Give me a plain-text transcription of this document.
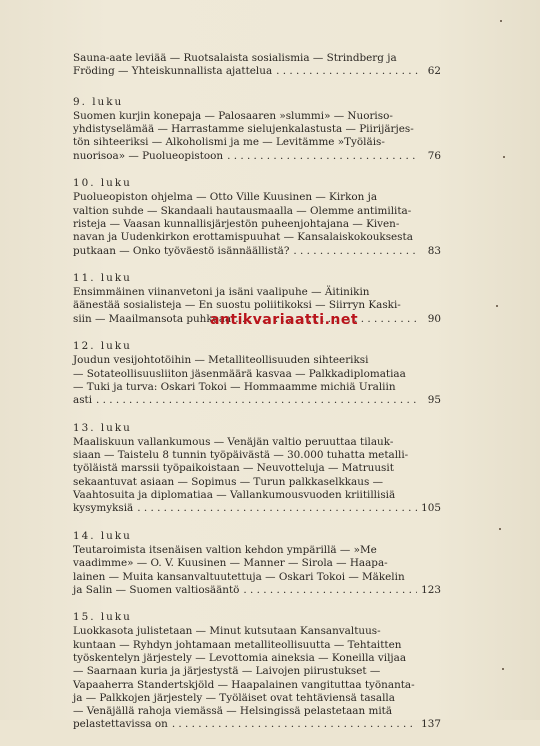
Sauna-aate leviää — Ruotsalaista sosialismia — Strindberg ja
Fröding — Yhteiskunnallista ajattelua . . .	62
9. luku
Suomen kurjin konepaja — Palosaaren »slummi» — Nuoriso-
yhdistyselämää — Harrastamme sielujenkalastusta — Piirijärjes-
tön sihteeriksi — Alkoholismi ja me — Levitämme »Työläis-
nuorisoa» — Puolueopistoon . . .	76
10. luku
Puolueopiston ohjelma — Otto Ville Kuusinen — Kirkon ja
valtion suhde — Skandaali hautausmaalla — Olemme antimilita-
risteja — Vaasan kunnallisjärjestön puheenjohtajana — Kiven-
navan ja Uudenkirkon erottamispuuhat — Kansalaiskokouksesta
putkaan — Onko työväestö isännäällistä? . . .	83
11. luku
Ensimmäinen viinanvetoni ja isäni vaalipuhe — Äitinikin
äänestää sosialisteja — En suostu poliitikoksi — Siirryn Kaski-
siin — Maailmansota puhkeaa . . .	90
12. luku
Joudun vesijohtotöihin — Metalliteollisuuden sihteeriksi
— Sotateollisuusliiton jäsenmäärä kasvaa — Palkkadiplomatiaa
— Tuki ja turva: Oskari Tokoi — Hommaamme michiä Uraliin
asti . . .	95
13. luku
Maaliskuun vallankumous — Venäjän valtio peruuttaa tilauk-
siaan — Taistelu 8 tunnin työpäivästä — 30.000 tuhatta metalli-
työläistä marssii työpaikoistaan — Neuvotteluja — Matruusit
sekaantuvat asiaan — Sopimus — Turun palkkaselkkaus —
Vaahtosuita ja diplomatiaa — Vallankumousvuoden kriitillisiä
kysymyksiä . . .	105
14. luku
Teutaroimista itsenäisen valtion kehdon ympärillä — »Me
vaadimme» — O. V. Kuusinen — Manner — Sirola — Haapa-
lainen — Muita kansanvaltuutettuja — Oskari Tokoi — Mäkelin
ja Salin — Suomen valtiosääntö . . .	123
15. luku
Luokkasota julistetaan — Minut kutsutaan Kansanvaltuus-
kuntaan — Ryhdyn johtamaan metalliteollisuutta — Tehtaitten
työskentelyn järjestely — Levottomia aineksia — Koneilla viljaa
— Saarnaan kuria ja järjestystä — Laivojen piirustukset —
Vapaaherra Standertskjöld — Haapalainen vangituttaa työnanta-
ja — Palkkojen järjestely — Työläiset ovat tehtäviensä tasalla
— Venäjällä rahoja viemässä — Helsingissä pelastetaan mitä
pelastettavissa on . . .	137
antikvariaatti.net
